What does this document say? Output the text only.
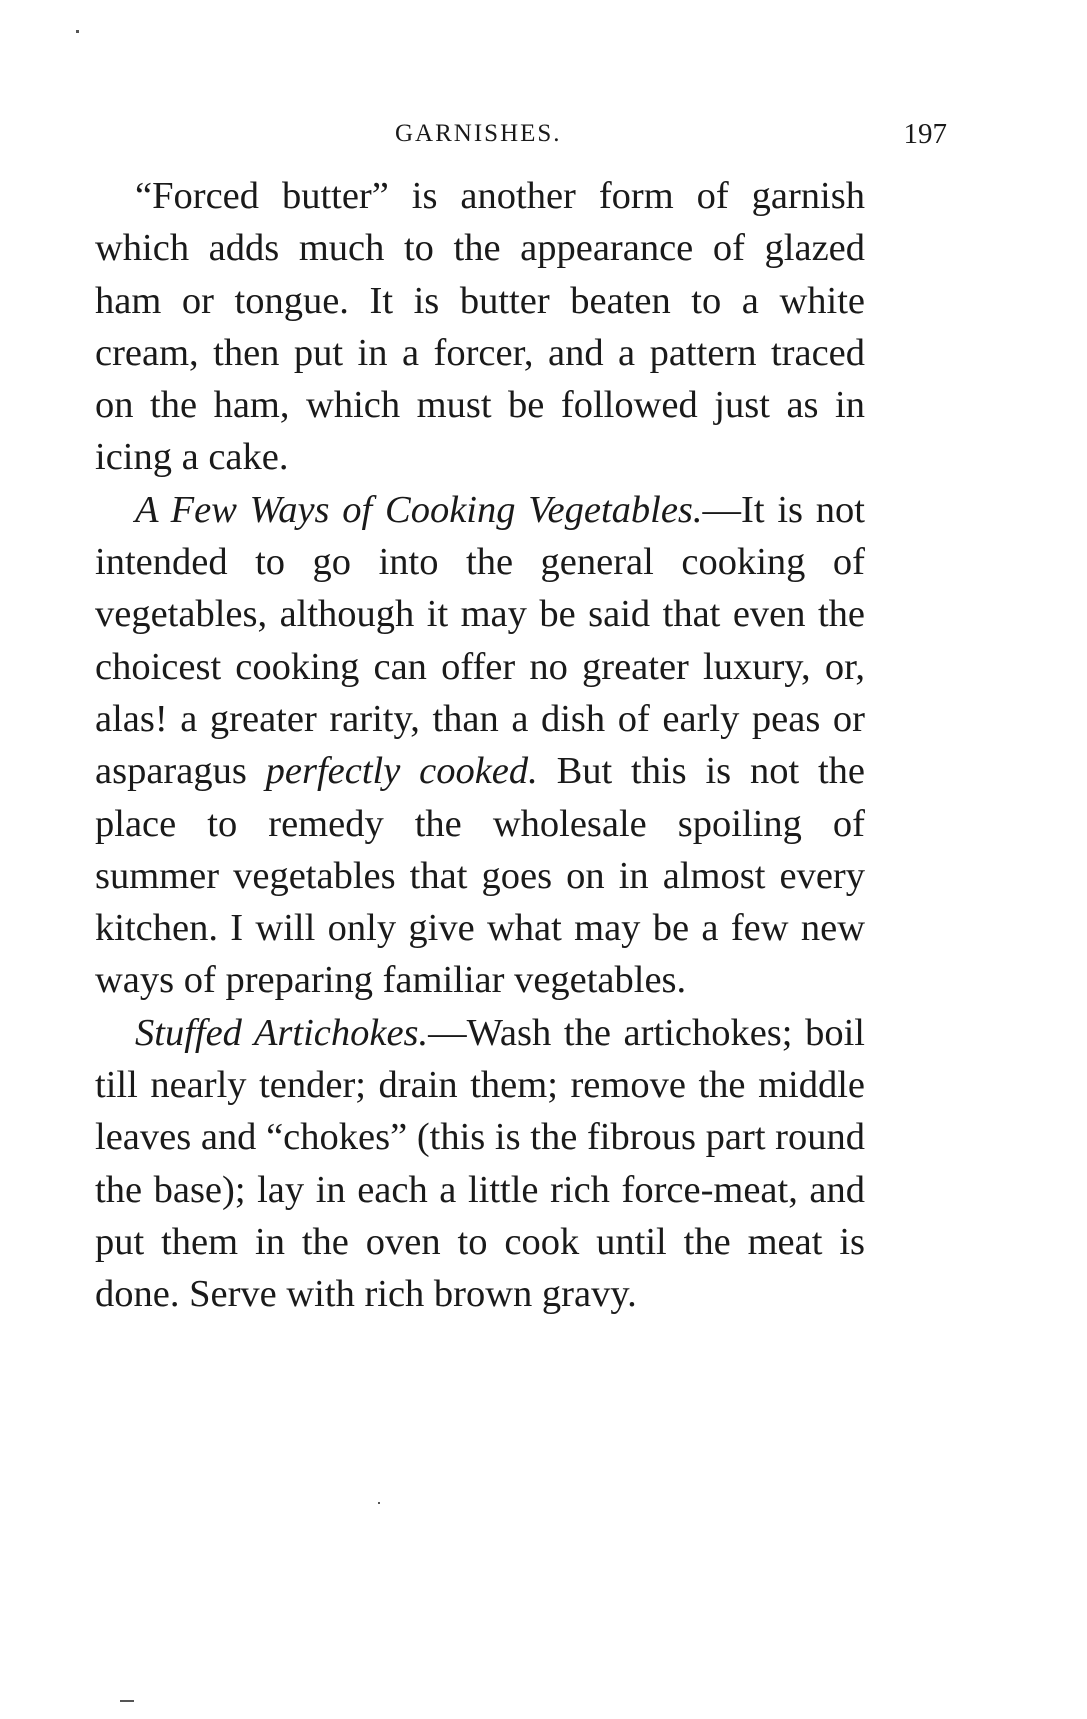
GARNISHES.	197

“Forced butter” is another form of garnish which adds much to the appearance of glazed ham or tongue. It is butter beaten to a white cream, then put in a forcer, and a pattern traced on the ham, which must be followed just as in icing a cake.

A Few Ways of Cooking Vegetables.—It is not intended to go into the general cooking of vegetables, although it may be said that even the choicest cooking can offer no greater luxury, or, alas! a greater rarity, than a dish of early peas or asparagus perfectly cooked. But this is not the place to remedy the wholesale spoiling of summer vegetables that goes on in almost every kitchen. I will only give what may be a few new ways of preparing familiar vegetables.

Stuffed Artichokes.—Wash the artichokes; boil till nearly tender; drain them; remove the middle leaves and “chokes” (this is the fibrous part round the base); lay in each a little rich force-meat, and put them in the oven to cook until the meat is done. Serve with rich brown gravy.
